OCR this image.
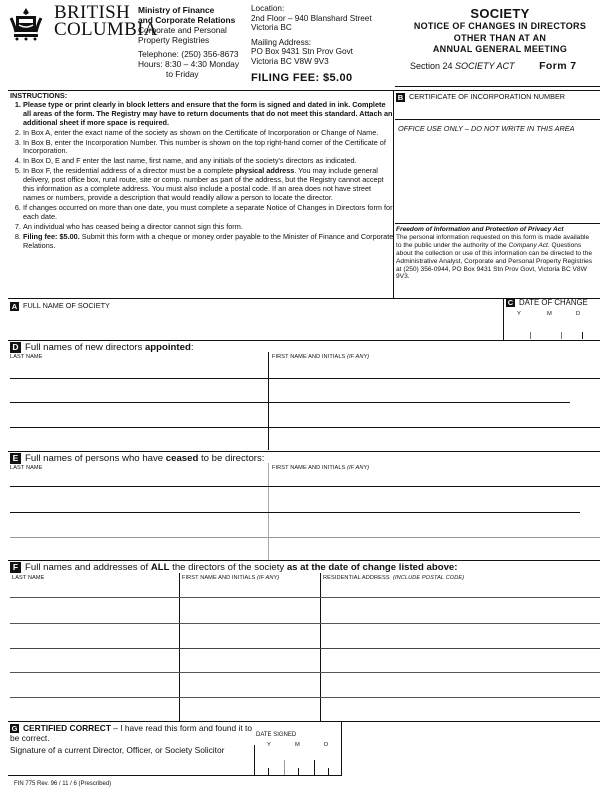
BRITISH
COLUMBIA
Ministry of Finance
and Corporate Relations
Corporate and Personal
Property Registries
Telephone: (250) 356-8673
Hours: 8:30 – 4:30 Monday
to Friday
Location:
2nd Floor – 940 Blanshard Street
Victoria BC
Mailing Address:
PO Box 9431 Stn Prov Govt
Victoria BC V8W 9V3
FILING FEE: $5.00
SOCIETY
NOTICE OF CHANGES IN DIRECTORS
OTHER THAN AT AN
ANNUAL GENERAL MEETING
Section 24 SOCIETY ACT Form 7
INSTRUCTIONS:
1. Please type or print clearly in block letters and ensure that the form is signed and dated in ink. Complete all areas of the form. The Registry may have to return documents that do not meet this standard. Attach an additional sheet if more space is required.
2. In Box A, enter the exact name of the society as shown on the Certificate of Incorporation or Change of Name.
3. In Box B, enter the Incorporation Number. This number is shown on the top right-hand corner of the Certificate of Incorporation.
4. In Box D, E and F enter the last name, first name, and any initials of the society's directors as indicated.
5. In Box F, the residential address of a director must be a complete physical address. You may include general delivery, post office box, rural route, site or comp. number as part of the address, but the Registry cannot accept this information as a complete address. You must also include a postal code. If an area does not have street names or numbers, provide a description that would readily allow a person to locate the director.
6. If changes occurred on more than one date, you must complete a separate Notice of Changes in Directors form for each date.
7. An individual who has ceased being a director cannot sign this form.
8. Filing fee: $5.00. Submit this form with a cheque or money order payable to the Minister of Finance and Corporate Relations.
B CERTIFICATE OF INCORPORATION NUMBER
OFFICE USE ONLY – DO NOT WRITE IN THIS AREA
Freedom of Information and Protection of Privacy Act
The personal information requested on this form is made available to the public under the authority of the Company Act. Questions about the collection or use of this information can be directed to the Administrative Analyst, Corporate and Personal Property Registries at (250) 356-0944, PO Box 9431 Stn Prov Govt, Victoria BC V8W 9V3.
A FULL NAME OF SOCIETY	C DATE OF CHANGE
Y	M	D
D Full names of new directors appointed:
LAST NAME	FIRST NAME AND INITIALS (IF ANY)
E Full names of persons who have ceased to be directors:
LAST NAME	FIRST NAME AND INITIALS (IF ANY)
F Full names and addresses of ALL the directors of the society as at the date of change listed above:
LAST NAME	FIRST NAME AND INITIALS (IF ANY)	RESIDENTIAL ADDRESS (INCLUDE POSTAL CODE)
G CERTIFIED CORRECT – I have read this form and found it to be correct.
Signature of a current Director, Officer, or Society Solicitor
DATE SIGNED
Y	M	D
FIN 775 Rev. 96 / 11 / 6 (Prescribed)
